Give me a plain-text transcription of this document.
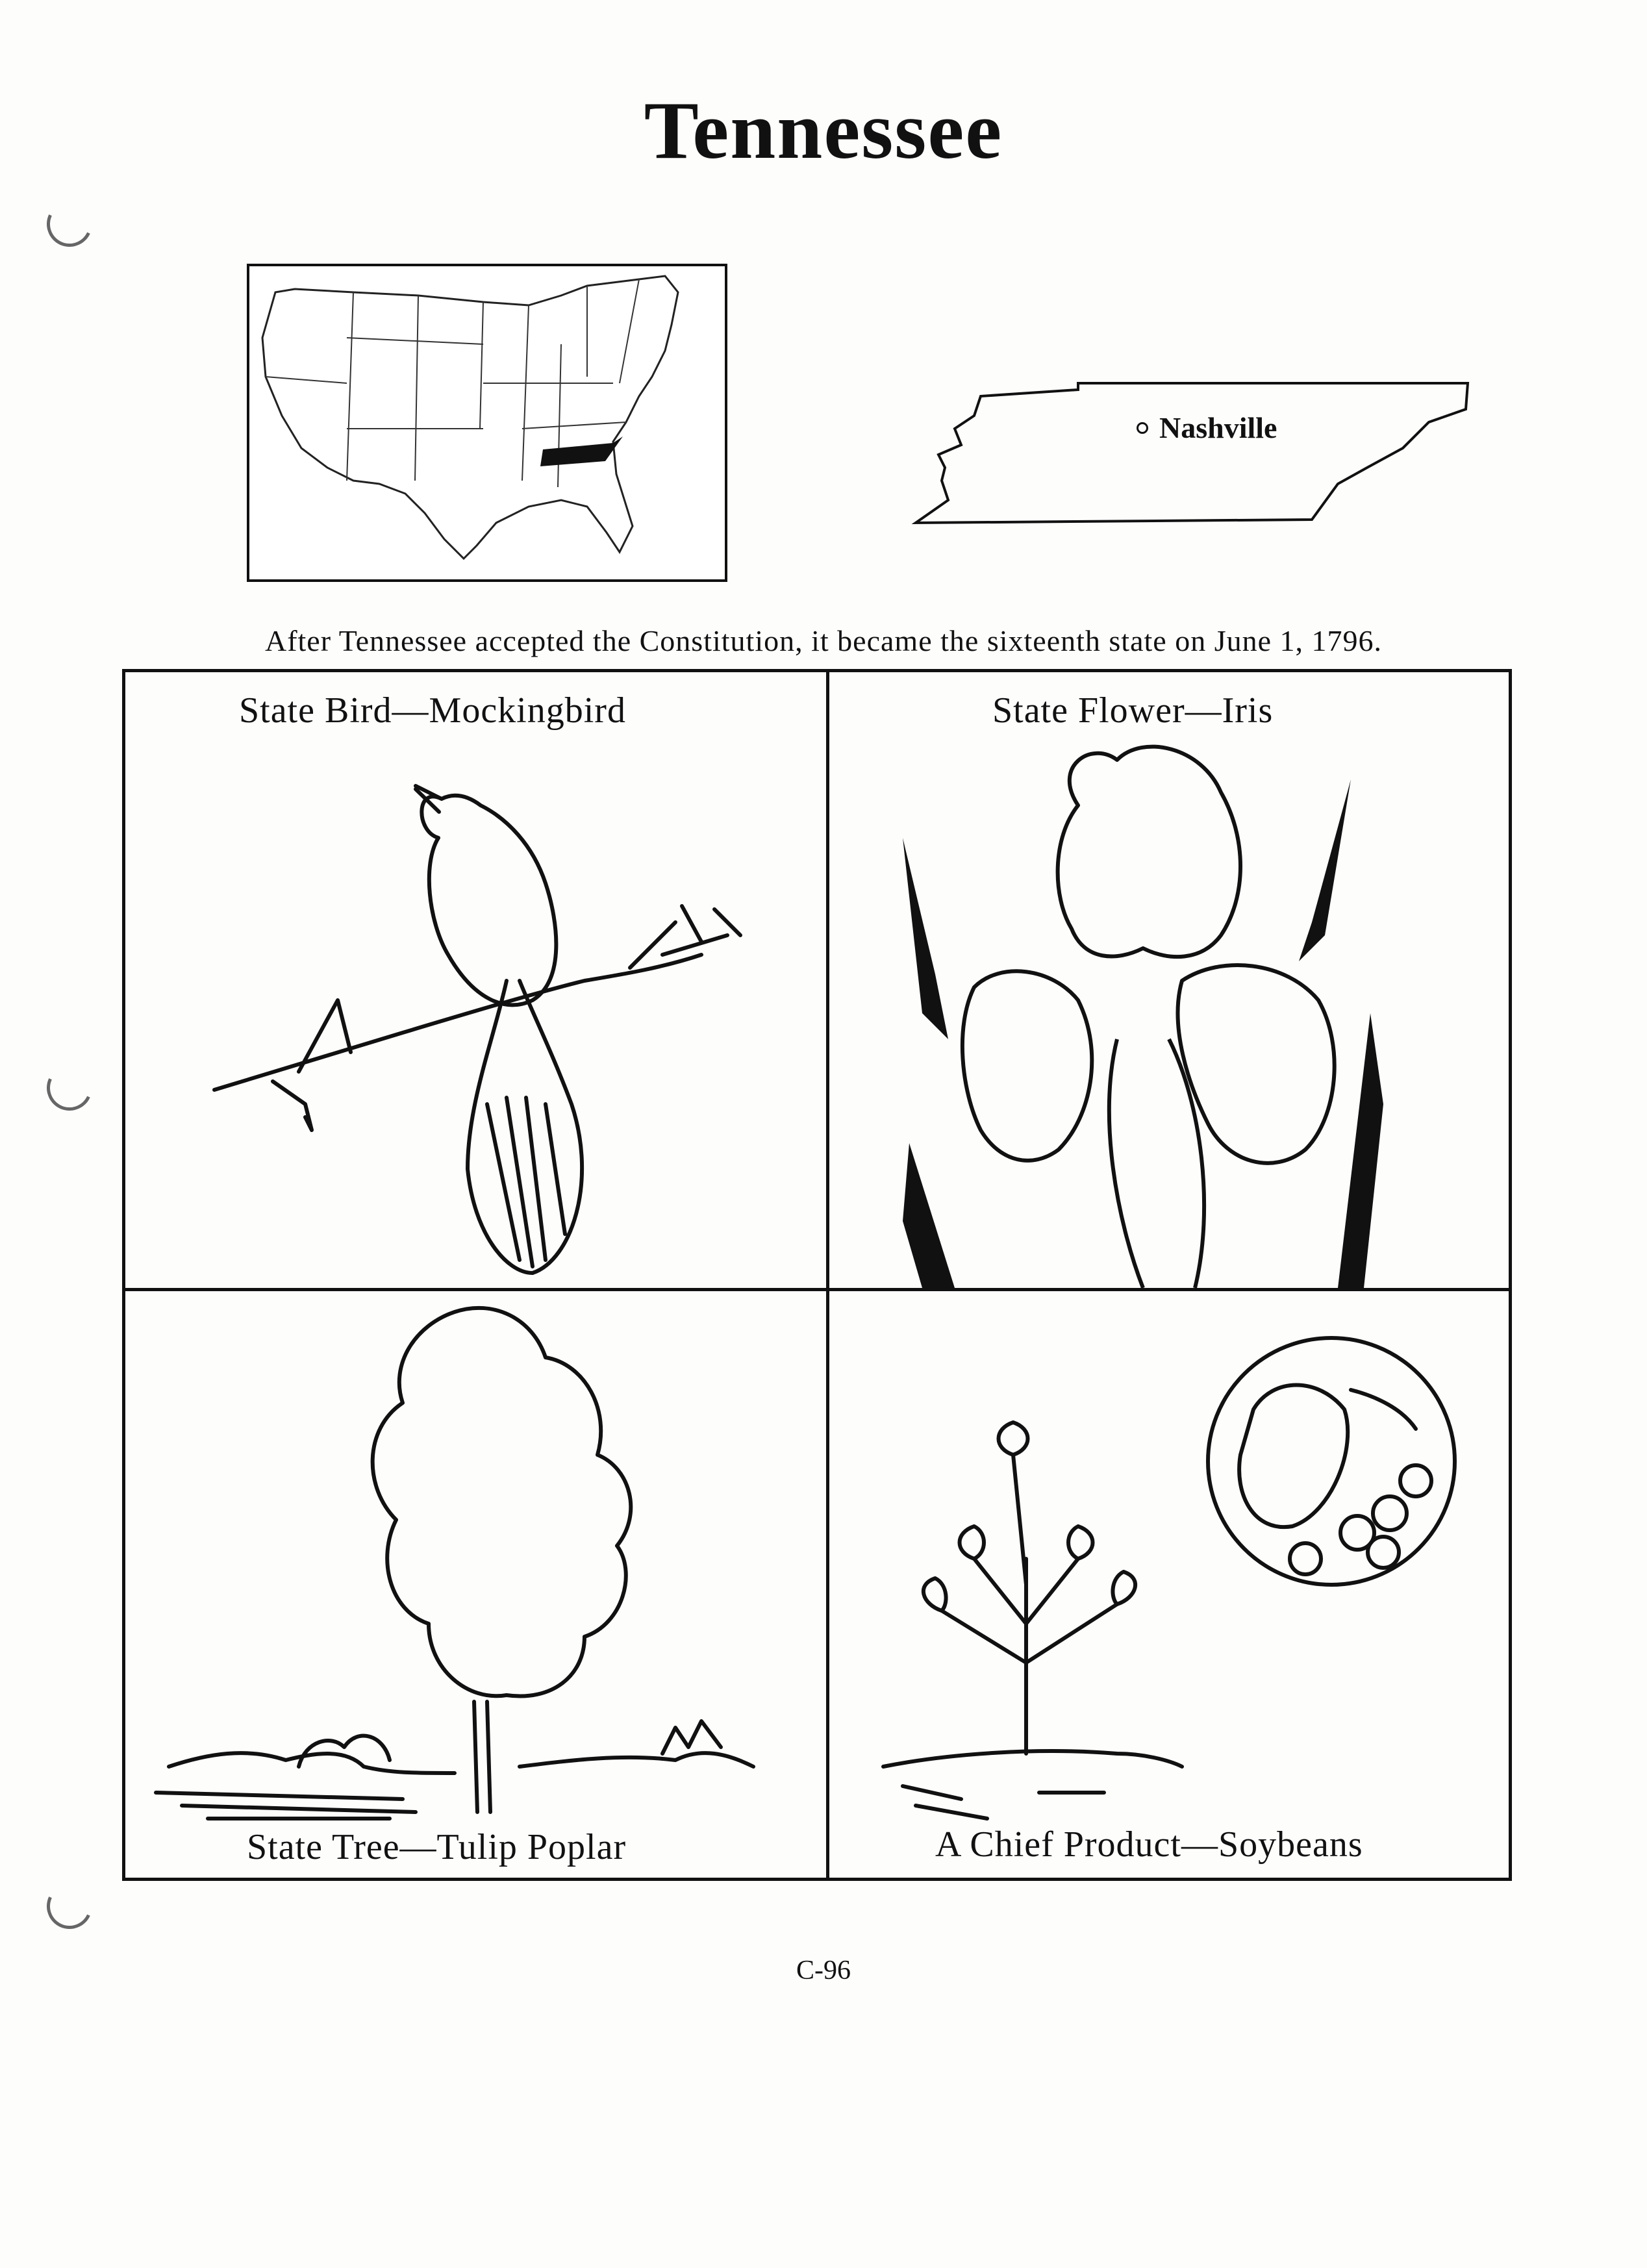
Tennessee
Nashville
After Tennessee accepted the Constitution, it became the sixteenth state on June 1, 1796.
State Bird—Mockingbird	State Flower—Iris
State Tree—Tulip Poplar	A Chief Product—Soybeans
C-96
